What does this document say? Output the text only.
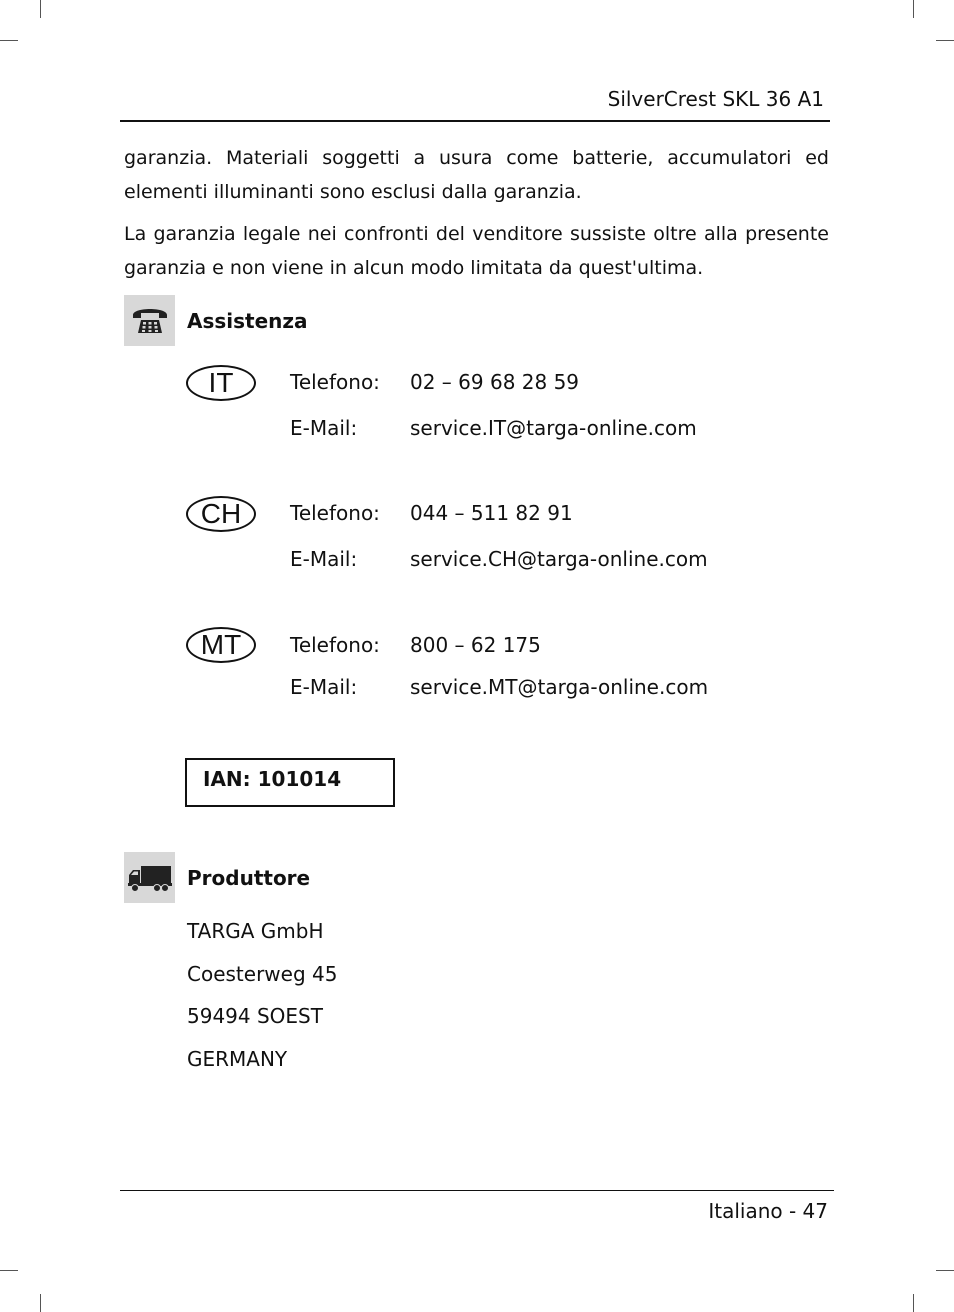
SilverCrest SKL 36 A1

garanzia. Materiali soggetti a usura come batterie, accumulatori ed elementi illuminanti sono esclusi dalla garanzia.

La garanzia legale nei confronti del venditore sussiste oltre alla presente garanzia e non viene in alcun modo limitata da quest'ultima.

Assistenza
IT	Telefono: 02 – 69 68 28 59
E-Mail:	service.IT@targa-online.com
CH	Telefono: 044 – 511 82 91
E-Mail:	service.CH@targa-online.com
MT	Telefono: 800 – 62 175
E-Mail:	service.MT@targa-online.com
IAN: 101014
Produttore
TARGA GmbH
Coesterweg 45
59494 SOEST
GERMANY
Italiano - 47
